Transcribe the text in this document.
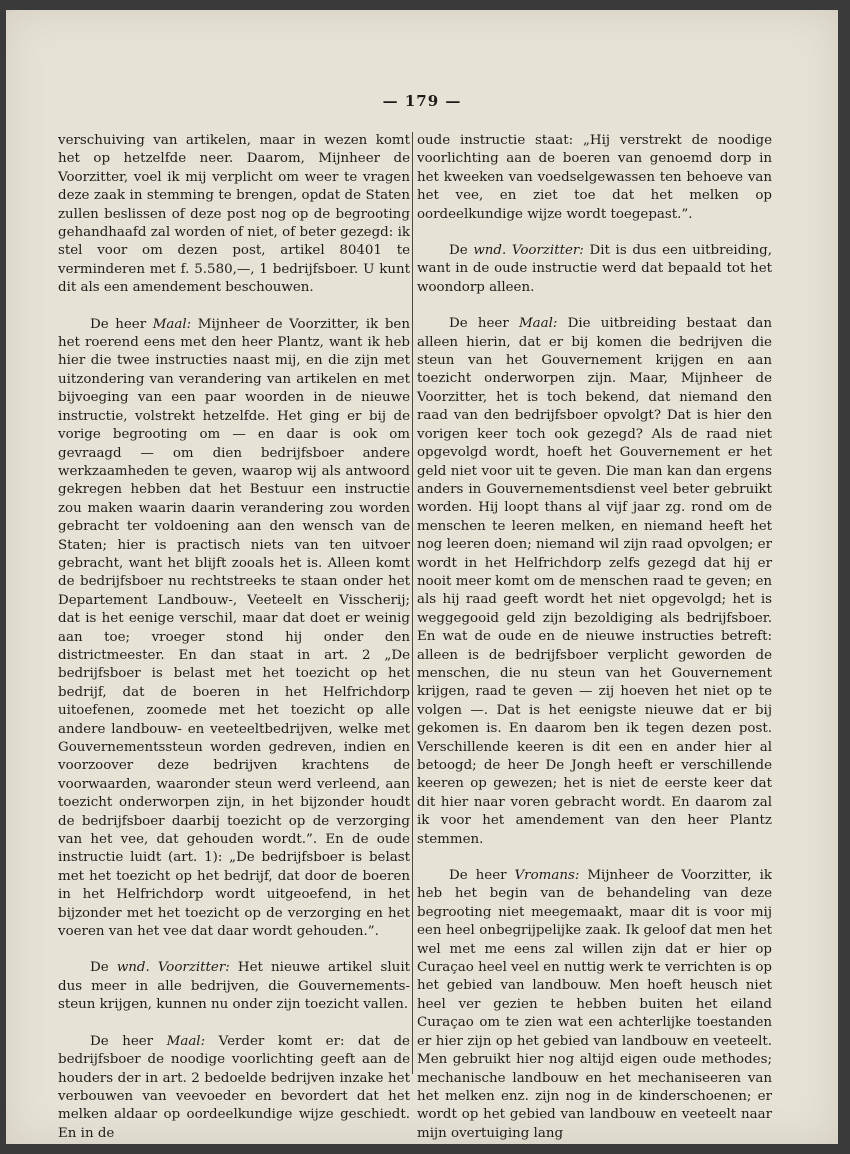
— 179 —

verschuiving van artikelen, maar in wezen komt het op hetzelfde neer. Daarom, Mijnheer de Voorzitter, voel ik mij verplicht om weer te vragen deze zaak in stemming te brengen, opdat de Staten zullen beslissen of deze post nog op de begrooting gehandhaafd zal worden of niet, of beter gezegd: ik stel voor om dezen post, artikel 80401 te verminderen met f. 5.580,—, 1 bedrijfsboer. U kunt dit als een amendement beschouwen.

De heer Maal: Mijnheer de Voorzitter, ik ben het roerend eens met den heer Plantz, want ik heb hier die twee instructies naast mij, en die zijn met uitzondering van verandering van artikelen en met bijvoeging van een paar woorden in de nieuwe instructie, volstrekt hetzelfde. Het ging er bij de vorige begrooting om — en daar is ook om gevraagd — om dien bedrijfsboer andere werkzaamheden te geven, waarop wij als antwoord gekregen hebben dat het Bestuur een instructie zou maken waarin daarin verandering zou worden gebracht ter voldoening aan den wensch van de Staten; hier is practisch niets van ten uitvoer gebracht, want het blijft zooals het is. Alleen komt de bedrijfsboer nu rechtstreeks te staan onder het Departement Landbouw-, Veeteelt en Visscherij; dat is het eenige verschil, maar dat doet er weinig aan toe; vroeger stond hij onder den districtmeester. En dan staat in art. 2 „De bedrijfsboer is belast met het toezicht op het bedrijf, dat de boeren in het Helfrichdorp uitoefenen, zoomede met het toezicht op alle andere landbouw- en veeteeltbedrijven, welke met Gouvernementssteun worden gedreven, indien en voorzoover deze bedrijven krachtens de voorwaarden, waaronder steun werd verleend, aan toezicht onderworpen zijn, in het bijzonder houdt de bedrijfsboer daarbij toezicht op de verzorging van het vee, dat gehouden wordt.”. En de oude instructie luidt (art. 1): „De bedrijfsboer is belast met het toezicht op het bedrijf, dat door de boeren in het Helfrichdorp wordt uitgeoefend, in het bijzonder met het toezicht op de verzorging en het voeren van het vee dat daar wordt gehouden.”.

De wnd. Voorzitter: Het nieuwe artikel sluit dus meer in alle bedrijven, die Gouvernements-steun krijgen, kunnen nu onder zijn toezicht vallen.

De heer Maal: Verder komt er: dat de bedrijfsboer de noodige voorlichting geeft aan de houders der in art. 2 bedoelde bedrijven inzake het verbouwen van veevoeder en bevordert dat het melken aldaar op oordeelkundige wijze geschiedt. En in de

oude instructie staat: „Hij verstrekt de noodige voorlichting aan de boeren van genoemd dorp in het kweeken van voedselgewassen ten behoeve van het vee, en ziet toe dat het melken op oordeelkundige wijze wordt toegepast.”.

De wnd. Voorzitter: Dit is dus een uitbreiding, want in de oude instructie werd dat bepaald tot het woondorp alleen.

De heer Maal: Die uitbreiding bestaat dan alleen hierin, dat er bij komen die bedrijven die steun van het Gouvernement krijgen en aan toezicht onderworpen zijn. Maar, Mijnheer de Voorzitter, het is toch bekend, dat niemand den raad van den bedrijfsboer opvolgt? Dat is hier den vorigen keer toch ook gezegd? Als de raad niet opgevolgd wordt, hoeft het Gouvernement er het geld niet voor uit te geven. Die man kan dan ergens anders in Gouvernementsdienst veel beter gebruikt worden. Hij loopt thans al vijf jaar zg. rond om de menschen te leeren melken, en niemand heeft het nog leeren doen; niemand wil zijn raad opvolgen; er wordt in het Helfrichdorp zelfs gezegd dat hij er nooit meer komt om de menschen raad te geven; en als hij raad geeft wordt het niet opgevolgd; het is weggegooid geld zijn bezoldiging als bedrijfsboer. En wat de oude en de nieuwe instructies betreft: alleen is de bedrijfsboer verplicht geworden de menschen, die nu steun van het Gouvernement krijgen, raad te geven — zij hoeven het niet op te volgen —. Dat is het eenigste nieuwe dat er bij gekomen is. En daarom ben ik tegen dezen post. Verschillende keeren is dit een en ander hier al betoogd; de heer De Jongh heeft er verschillende keeren op gewezen; het is niet de eerste keer dat dit hier naar voren gebracht wordt. En daarom zal ik voor het amendement van den heer Plantz stemmen.

De heer Vromans: Mijnheer de Voorzitter, ik heb het begin van de behandeling van deze begrooting niet meegemaakt, maar dit is voor mij een heel onbegrijpelijke zaak. Ik geloof dat men het wel met me eens zal willen zijn dat er hier op Curaçao heel veel en nuttig werk te verrichten is op het gebied van landbouw. Men hoeft heusch niet heel ver gezien te hebben buiten het eiland Curaçao om te zien wat een achterlijke toestanden er hier zijn op het gebied van landbouw en veeteelt. Men gebruikt hier nog altijd eigen oude methodes; mechanische landbouw en het mechaniseeren van het melken enz. zijn nog in de kinderschoenen; er wordt op het gebied van landbouw en veeteelt naar mijn overtuiging lang
